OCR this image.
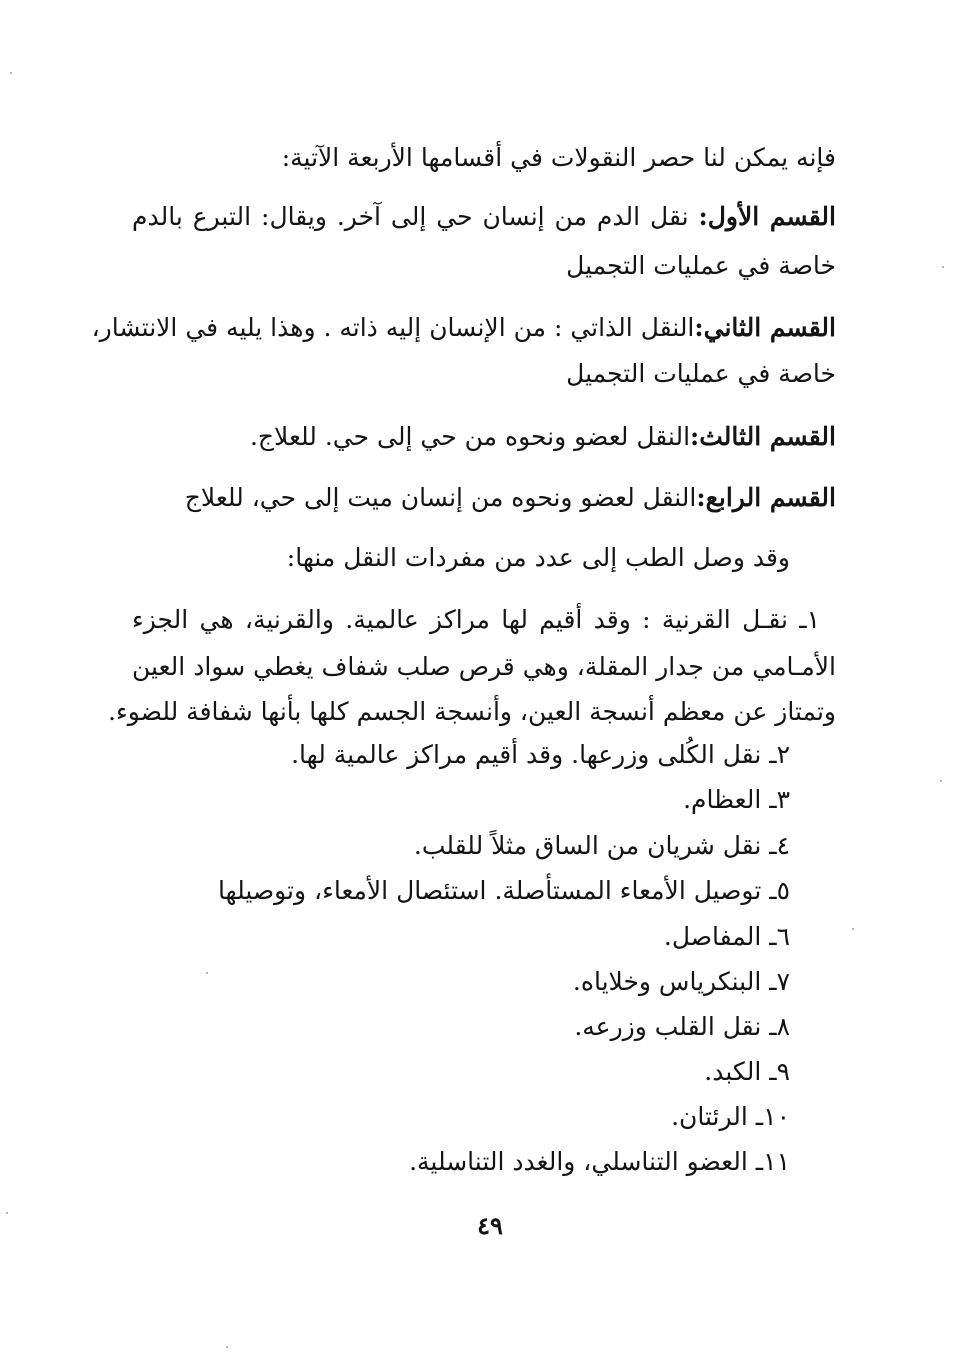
فإنه يمكن لنا حصر النقولات في أقسامها الأربعة الآتية:
القسم الأول: نقل الدم من إنسان حي إلى آخر. ويقال: التبرع بالدم
خاصة في عمليات التجميل
القسم الثاني:النقل الذاتي : من الإنسان إليه ذاته . وهذا يليه في الانتشار،
خاصة في عمليات التجميل
القسم الثالث:النقل لعضو ونحوه من حي إلى حي. للعلاج.
القسم الرابع:النقل لعضو ونحوه من إنسان ميت إلى حي، للعلاج
وقد وصل الطب إلى عدد من مفردات النقل منها:
١ـ نقـل القرنية : وقد أقيم لها مراكز عالمية. والقرنية، هي الجزء
الأمـامي من جدار المقلة، وهي قرص صلب شفاف يغطي سواد العين
وتمتاز عن معظم أنسجة العين، وأنسجة الجسم كلها بأنها شفافة للضوء.
٢ـ نقل الكُلى وزرعها. وقد أقيم مراكز عالمية لها.
٣ـ العظام.
٤ـ نقل شريان من الساق مثلاً للقلب.
٥ـ توصيل الأمعاء المستأصلة. استئصال الأمعاء، وتوصيلها
٦ـ المفاصل.
٧ـ البنكرياس وخلاياه.
٨ـ نقل القلب وزرعه.
٩ـ الكبد.
١٠ـ الرئتان.
١١ـ العضو التناسلي، والغدد التناسلية.
٤٩
